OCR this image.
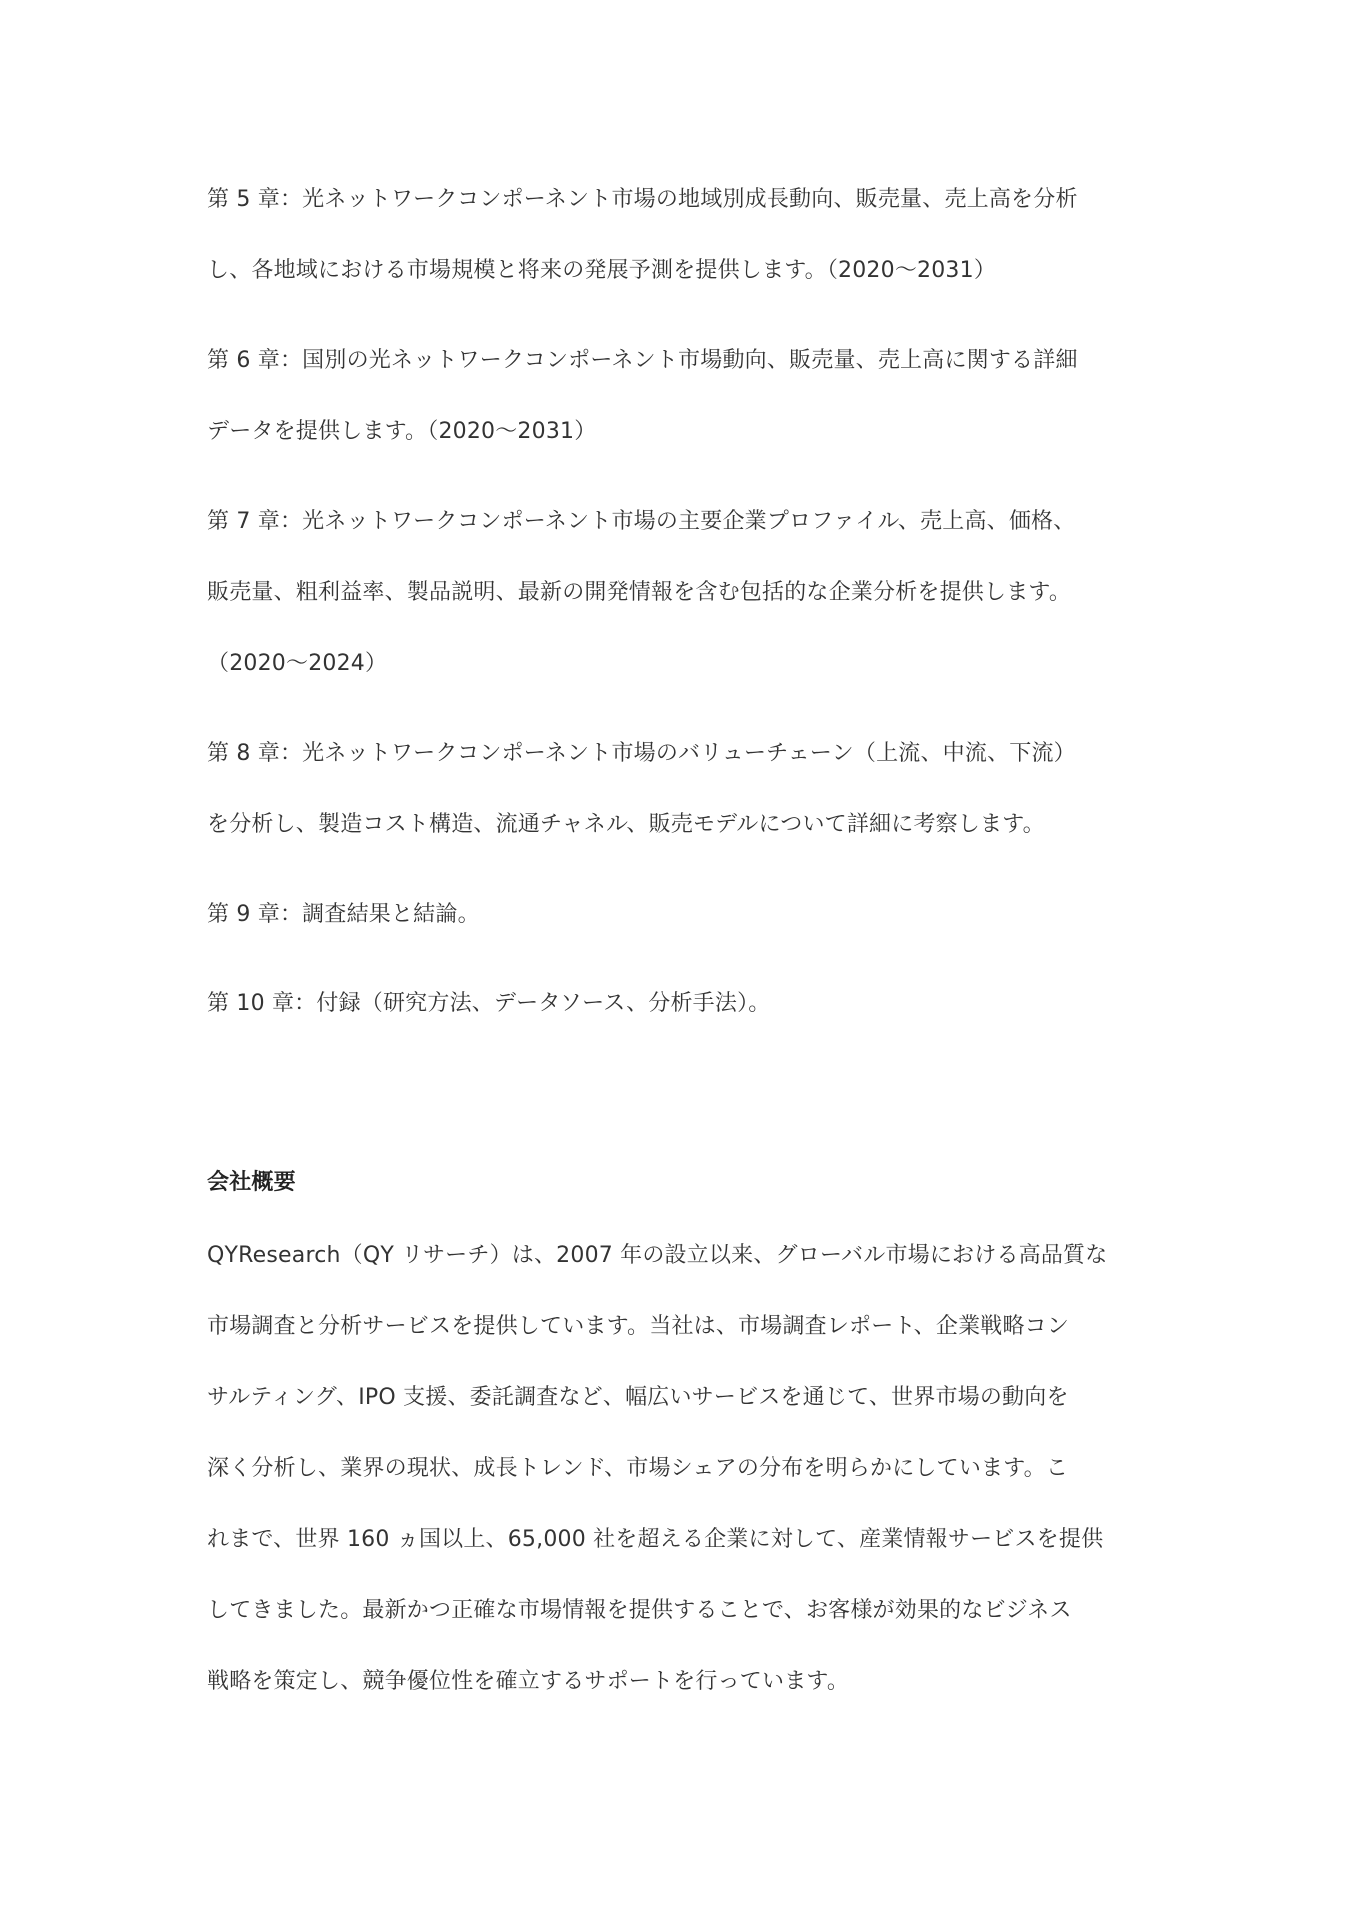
第 5 章：光ネットワークコンポーネント市場の地域別成長動向、販売量、売上高を分析
し、各地域における市場規模と将来の発展予測を提供します。（2020〜2031）
第 6 章：国別の光ネットワークコンポーネント市場動向、販売量、売上高に関する詳細
データを提供します。（2020〜2031）
第 7 章：光ネットワークコンポーネント市場の主要企業プロファイル、売上高、価格、
販売量、粗利益率、製品説明、最新の開発情報を含む包括的な企業分析を提供します。
（2020〜2024）
第 8 章：光ネットワークコンポーネント市場のバリューチェーン（上流、中流、下流）
を分析し、製造コスト構造、流通チャネル、販売モデルについて詳細に考察します。
第 9 章：調査結果と結論。
第 10 章：付録（研究方法、データソース、分析手法）。
会社概要
QYResearch（QY リサーチ）は、2007 年の設立以来、グローバル市場における高品質な
市場調査と分析サービスを提供しています。当社は、市場調査レポート、企業戦略コン
サルティング、IPO 支援、委託調査など、幅広いサービスを通じて、世界市場の動向を
深く分析し、業界の現状、成長トレンド、市場シェアの分布を明らかにしています。こ
れまで、世界 160 ヵ国以上、65,000 社を超える企業に対して、産業情報サービスを提供
してきました。最新かつ正確な市場情報を提供することで、お客様が効果的なビジネス
戦略を策定し、競争優位性を確立するサポートを行っています。
